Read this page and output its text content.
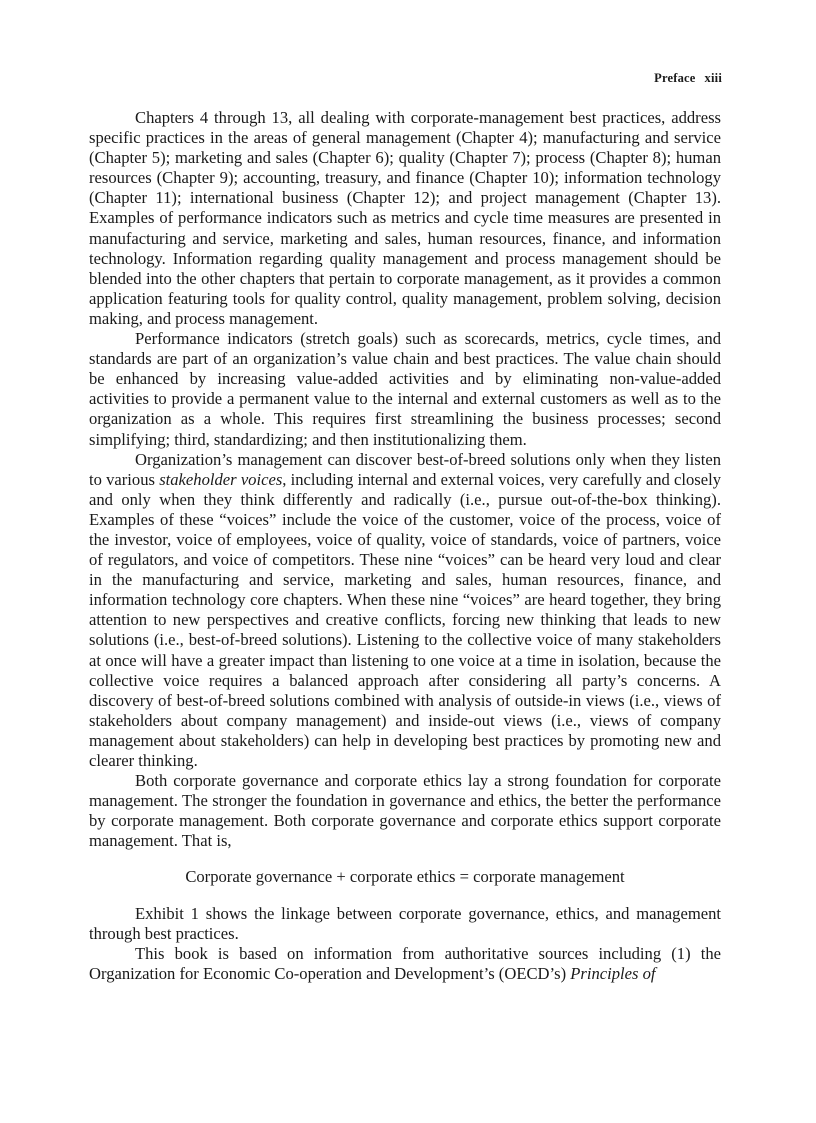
Preface xiii

Chapters 4 through 13, all dealing with corporate-management best practices, address specific practices in the areas of general management (Chapter 4); manufacturing and service (Chapter 5); marketing and sales (Chapter 6); quality (Chapter 7); process (Chapter 8); human resources (Chapter 9); accounting, treasury, and finance (Chapter 10); information technology (Chapter 11); international business (Chapter 12); and project management (Chapter 13). Examples of performance indicators such as metrics and cycle time measures are presented in manufacturing and service, marketing and sales, human resources, finance, and information technology. Information regarding quality management and process management should be blended into the other chapters that pertain to corporate management, as it provides a common application featuring tools for quality control, quality management, problem solving, decision making, and process management.

Performance indicators (stretch goals) such as scorecards, metrics, cycle times, and standards are part of an organization’s value chain and best practices. The value chain should be enhanced by increasing value-added activities and by eliminating non-value-added activities to provide a permanent value to the internal and external customers as well as to the organization as a whole. This requires first streamlining the business processes; second simplifying; third, standardizing; and then institutionalizing them.

Organization’s management can discover best-of-breed solutions only when they listen to various stakeholder voices, including internal and external voices, very carefully and closely and only when they think differently and radically (i.e., pursue out-of-the-box thinking). Examples of these “voices” include the voice of the customer, voice of the process, voice of the investor, voice of employees, voice of quality, voice of standards, voice of partners, voice of regulators, and voice of competitors. These nine “voices” can be heard very loud and clear in the manufacturing and service, marketing and sales, human resources, finance, and information technology core chapters. When these nine “voices” are heard together, they bring attention to new perspectives and creative conflicts, forcing new thinking that leads to new solutions (i.e., best-of-breed solutions). Listening to the collective voice of many stakeholders at once will have a greater impact than listening to one voice at a time in isolation, because the collective voice requires a balanced approach after considering all party’s concerns. A discovery of best-of-breed solutions combined with analysis of outside-in views (i.e., views of stakeholders about company management) and inside-out views (i.e., views of company management about stakeholders) can help in developing best practices by promoting new and clearer thinking.

Both corporate governance and corporate ethics lay a strong foundation for corporate management. The stronger the foundation in governance and ethics, the better the performance by corporate management. Both corporate governance and corporate ethics support corporate management. That is,

Corporate governance + corporate ethics = corporate management

Exhibit 1 shows the linkage between corporate governance, ethics, and management through best practices.

This book is based on information from authoritative sources including (1) the Organization for Economic Co-operation and Development’s (OECD’s) Principles of
